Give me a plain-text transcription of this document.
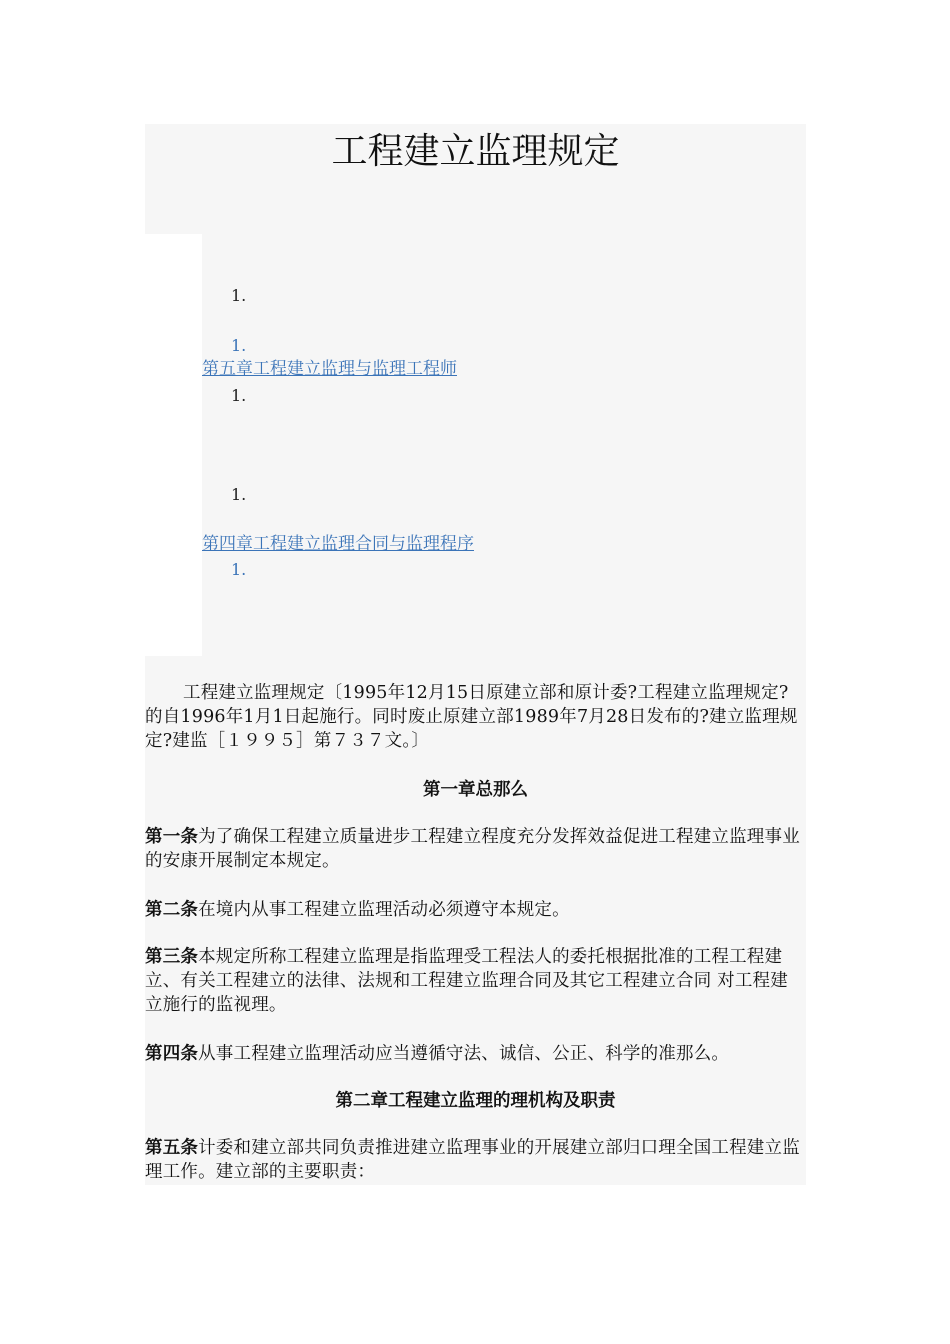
工程建立监理规定
1.
1.
第五章工程建立监理与监理工程师
1.
1.
第四章工程建立监理合同与监理程序
1.

工程建立监理规定〔1995年12月15日原建立部和原计委?工程建立监理规定?的自1996年1月1日起施行。同时废止原建立部1989年7月28日发布的?建立监理规定?建监［１９９５］第７３７文。〕

第一章总那么

第一条为了确保工程建立质量进步工程建立程度充分发挥效益促进工程建立监理事业的安康开展制定本规定。

第二条在境内从事工程建立监理活动必须遵守本规定。

第三条本规定所称工程建立监理是指监理受工程法人的委托根据批准的工程工程建立、有关工程建立的法律、法规和工程建立监理合同及其它工程建立合同 对工程建立施行的监视理。

第四条从事工程建立监理活动应当遵循守法、诚信、公正、科学的准那么。

第二章工程建立监理的理机构及职责

第五条计委和建立部共同负责推进建立监理事业的开展建立部归口理全国工程建立监理工作。建立部的主要职责：
